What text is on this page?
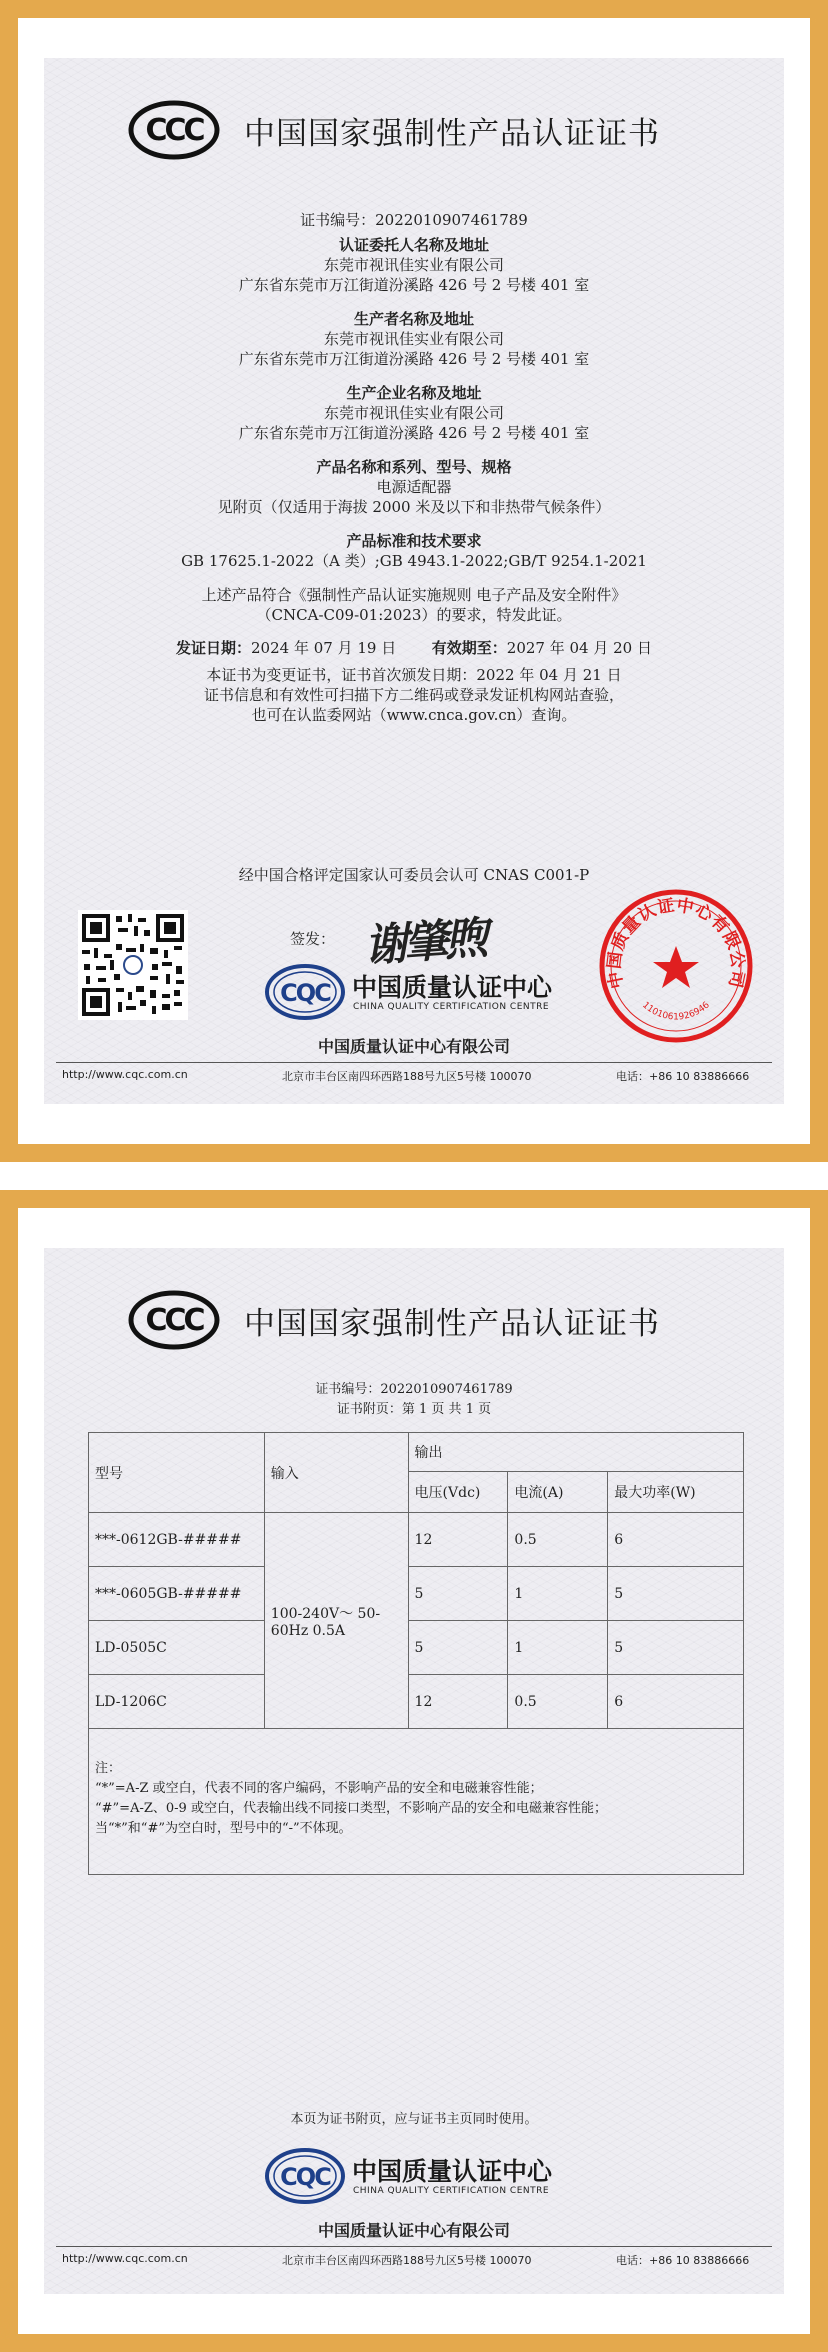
CCC 中国国家强制性产品认证证书
证书编号：2022010907461789
认证委托人名称及地址
东莞市视讯佳实业有限公司
广东省东莞市万江街道汾溪路 426 号 2 号楼 401 室
生产者名称及地址
东莞市视讯佳实业有限公司
广东省东莞市万江街道汾溪路 426 号 2 号楼 401 室
生产企业名称及地址
东莞市视讯佳实业有限公司
广东省东莞市万江街道汾溪路 426 号 2 号楼 401 室
产品名称和系列、型号、规格
电源适配器
见附页（仅适用于海拔 2000 米及以下和非热带气候条件）
产品标准和技术要求
GB 17625.1-2022（A 类）;GB 4943.1-2022;GB/T 9254.1-2021
上述产品符合《强制性产品认证实施规则 电子产品及安全附件》
（CNCA-C09-01:2023）的要求，特发此证。
发证日期：2024 年 07 月 19 日 有效期至：2027 年 04 月 20 日
本证书为变更证书，证书首次颁发日期：2022 年 04 月 21 日
证书信息和有效性可扫描下方二维码或登录发证机构网站查验，
也可在认监委网站（www.cnca.gov.cn）查询。
经中国合格评定国家认可委员会认可 CNAS C001-P
签发： 谢肇煦
CQC 中国质量认证中心
CHINA QUALITY CERTIFICATION CENTRE
中国质量认证中心有限公司
1101061926946
中国质量认证中心有限公司
http://www.cqc.com.cn	北京市丰台区南四环西路188号九区5号楼 100070	电话：+86 10 83886666
CCC 中国国家强制性产品认证证书
证书编号：2022010907461789
证书附页：第 1 页 共 1 页
型号	输入	输出		
		电压(Vdc)	电流(A)	最大功率(W)
***-0612GB-#####	100-240V～ 50-60Hz 0.5A	12	0.5	6
***-0605GB-#####		5	1	5
LD-0505C		5	1	5
LD-1206C		12	0.5	6

注：
“*”=A-Z 或空白，代表不同的客户编码，不影响产品的安全和电磁兼容性能；
“#”=A-Z、0-9 或空白，代表输出线不同接口类型，不影响产品的安全和电磁兼容性能；
当“*”和“#”为空白时，型号中的“-”不体现。				
本页为证书附页，应与证书主页同时使用。
CQC 中国质量认证中心
CHINA QUALITY CERTIFICATION CENTRE
中国质量认证中心有限公司
http://www.cqc.com.cn	北京市丰台区南四环西路188号九区5号楼 100070	电话：+86 10 83886666
